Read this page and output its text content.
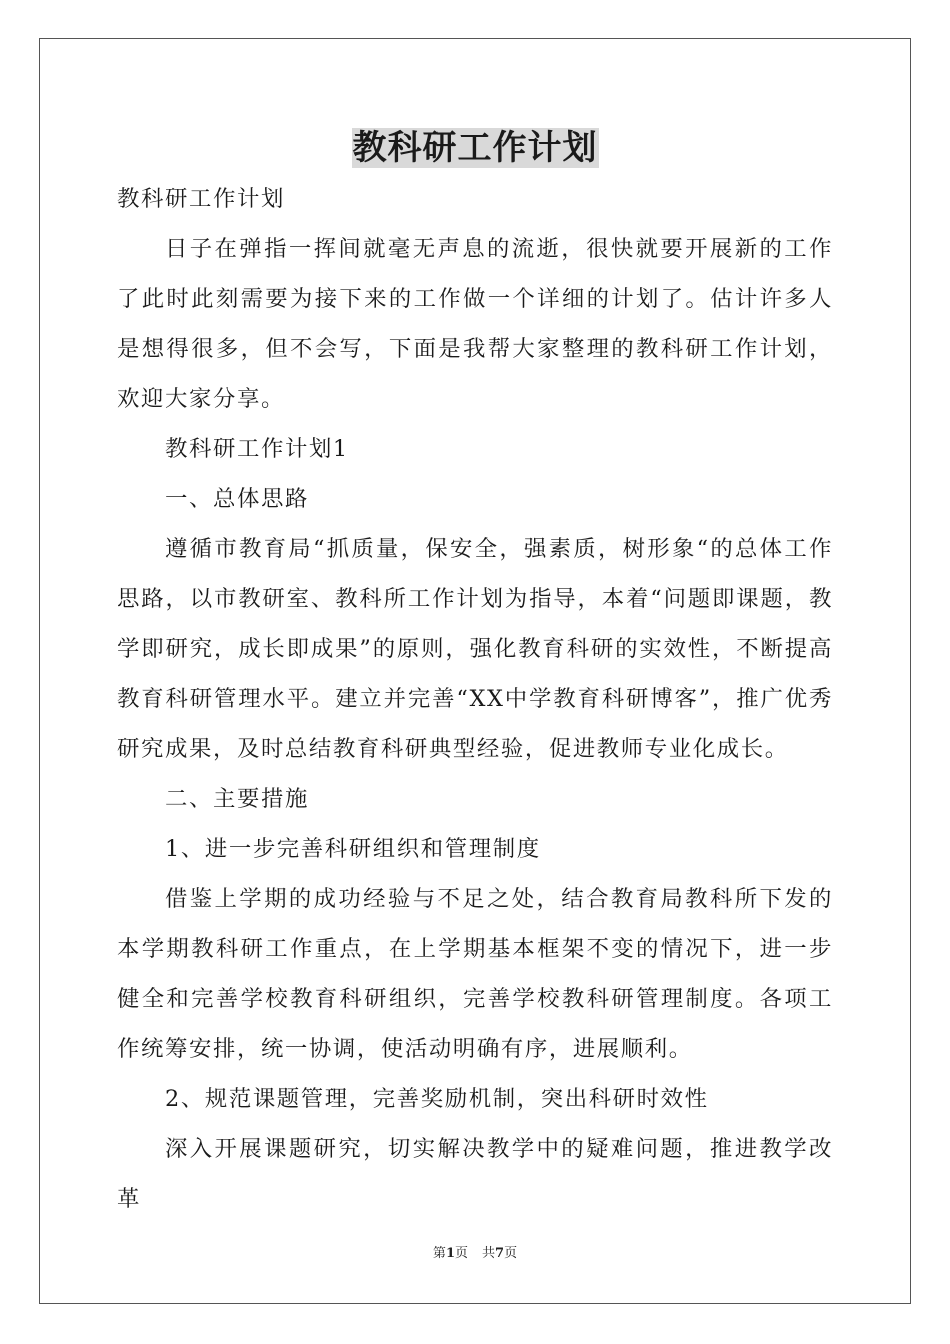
教科研工作计划

教科研工作计划

日子在弹指一挥间就毫无声息的流逝，很快就要开展新的工作了此时此刻需要为接下来的工作做一个详细的计划了。估计许多人是想得很多，但不会写，下面是我帮大家整理的教科研工作计划，欢迎大家分享。

教科研工作计划1

一、总体思路

遵循市教育局“抓质量，保安全，强素质，树形象“的总体工作思路，以市教研室、教科所工作计划为指导，本着“问题即课题，教学即研究，成长即成果”的原则，强化教育科研的实效性，不断提高教育科研管理水平。建立并完善“XX中学教育科研博客”，推广优秀研究成果，及时总结教育科研典型经验，促进教师专业化成长。

二、主要措施

1、进一步完善科研组织和管理制度

借鉴上学期的成功经验与不足之处，结合教育局教科所下发的本学期教科研工作重点，在上学期基本框架不变的情况下，进一步健全和完善学校教育科研组织，完善学校教科研管理制度。各项工作统筹安排，统一协调，使活动明确有序，进展顺利。

2、规范课题管理，完善奖励机制，突出科研时效性

深入开展课题研究，切实解决教学中的疑难问题，推进教学改革

第1页 共7页
